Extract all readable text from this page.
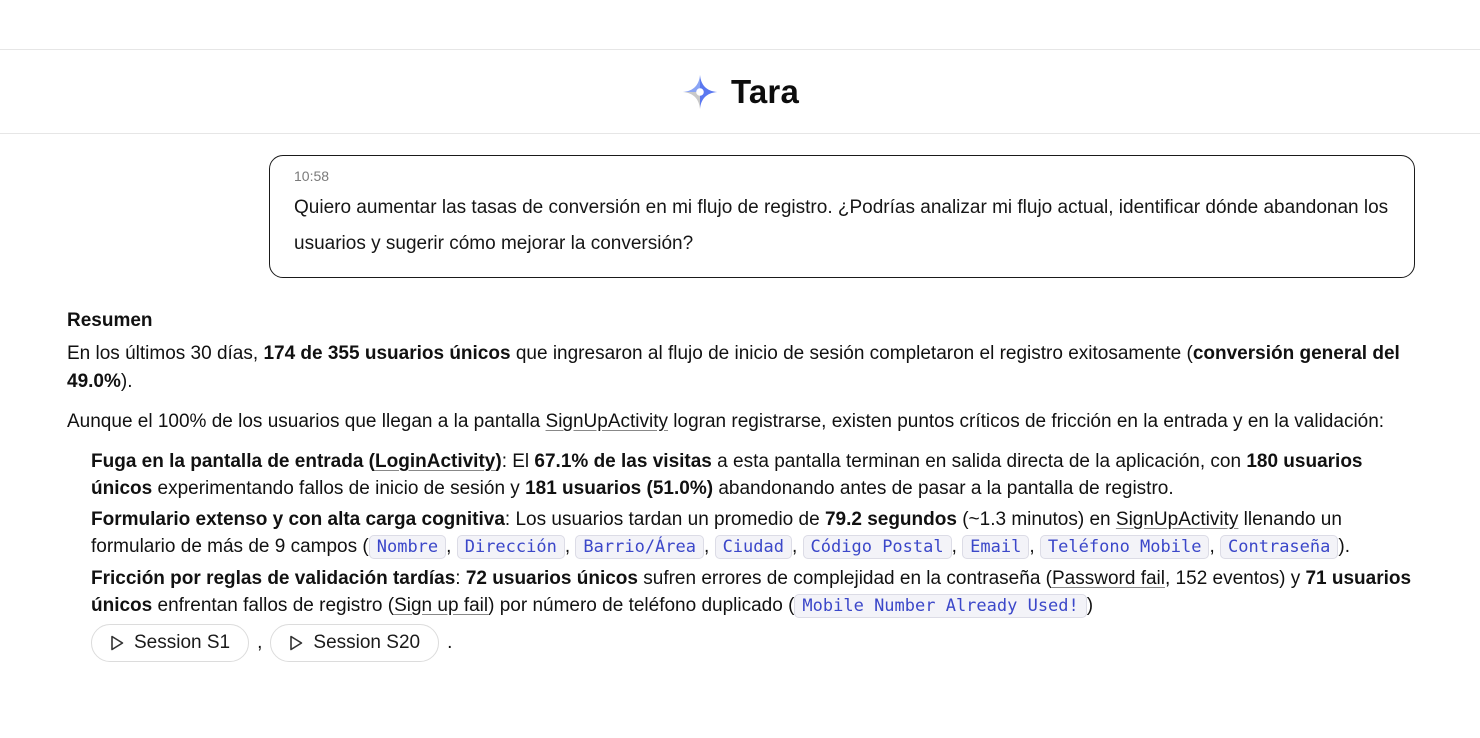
Tara
10:58
Quiero aumentar las tasas de conversión en mi flujo de registro. ¿Podrías analizar mi flujo actual, identificar dónde abandonan los usuarios y sugerir cómo mejorar la conversión?
Resumen

En los últimos 30 días, 174 de 355 usuarios únicos que ingresaron al flujo de inicio de sesión completaron el registro exitosamente (conversión general del 49.0%).

Aunque el 100% de los usuarios que llegan a la pantalla SignUpActivity logran registrarse, existen puntos críticos de fricción en la entrada y en la validación:

Fuga en la pantalla de entrada (LoginActivity): El 67.1% de las visitas a esta pantalla terminan en salida directa de la aplicación, con 180 usuarios únicos experimentando fallos de inicio de sesión y 181 usuarios (51.0%) abandonando antes de pasar a la pantalla de registro.
Formulario extenso y con alta carga cognitiva: Los usuarios tardan un promedio de 79.2 segundos (~1.3 minutos) en SignUpActivity llenando un formulario de más de 9 campos ( Nombre , Dirección , Barrio/Área , Ciudad , Código Postal , Email , Teléfono Mobile , Contraseña ).
Fricción por reglas de validación tardías: 72 usuarios únicos sufren errores de complejidad en la contraseña (Password fail, 152 eventos) y 71 usuarios únicos enfrentan fallos de registro (Sign up fail) por número de teléfono duplicado ( Mobile Number Already Used! )
Session S1 ,	Session S20 .
